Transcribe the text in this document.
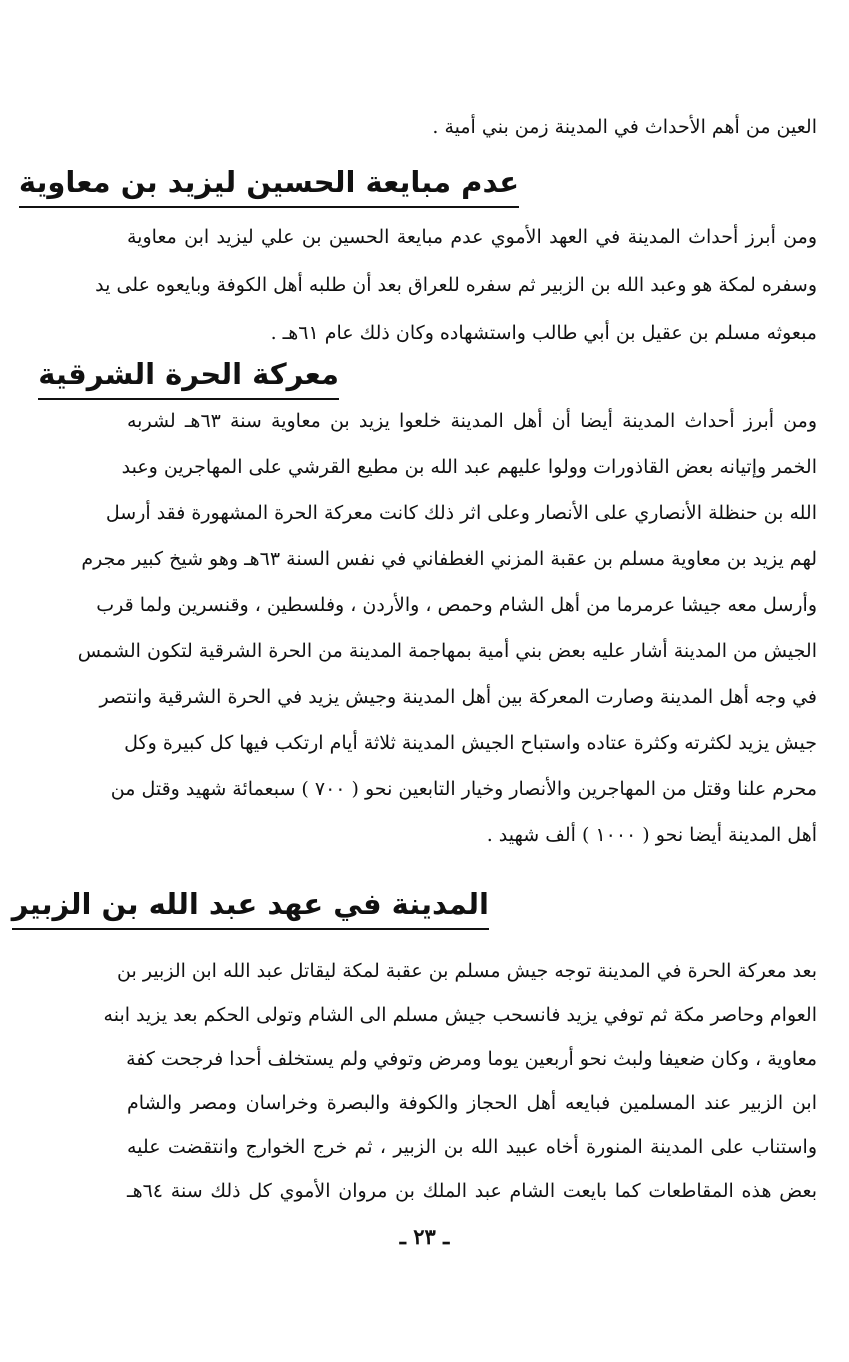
العين من أهم الأحداث في المدينة زمن بني أمية .
عدم مبايعة الحسين ليزيد بن معاوية
ومن أبرز أحداث المدينة في العهد الأموي عدم مبايعة الحسين بن علي ليزيد ابن معاوية
وسفره لمكة هو وعبد الله بن الزبير ثم سفره للعراق بعد أن طلبه أهل الكوفة وبايعوه على يد
مبعوثه مسلم بن عقيل بن أبي طالب واستشهاده وكان ذلك عام ٦١هـ .
معركة الحرة الشرقية
ومن أبرز أحداث المدينة أيضا أن أهل المدينة خلعوا يزيد بن معاوية سنة ٦٣هـ لشربه
الخمر وإتيانه بعض القاذورات وولوا عليهم عبد الله بن مطيع القرشي على المهاجرين وعبد
الله بن حنظلة الأنصاري على الأنصار وعلى اثر ذلك كانت معركة الحرة المشهورة فقد أرسل
لهم يزيد بن معاوية مسلم بن عقبة المزني الغطفاني في نفس السنة ٦٣هـ وهو شيخ كبير مجرم
وأرسل معه جيشا عرمرما من أهل الشام وحمص ، والأردن ، وفلسطين ، وقنسرين ولما قرب
الجيش من المدينة أشار عليه بعض بني أمية بمهاجمة المدينة من الحرة الشرقية لتكون الشمس
في وجه أهل المدينة وصارت المعركة بين أهل المدينة وجيش يزيد في الحرة الشرقية وانتصر
جيش يزيد لكثرته وكثرة عتاده واستباح الجيش المدينة ثلاثة أيام ارتكب فيها كل كبيرة وكل
محرم علنا وقتل من المهاجرين والأنصار وخيار التابعين نحو ( ٧٠٠ ) سبعمائة شهيد وقتل من
أهل المدينة أيضا نحو ( ١٠٠٠ ) ألف شهيد .
المدينة في عهد عبد الله بن الزبير
بعد معركة الحرة في المدينة توجه جيش مسلم بن عقبة لمكة ليقاتل عبد الله ابن الزبير بن
العوام وحاصر مكة ثم توفي يزيد فانسحب جيش مسلم الى الشام وتولى الحكم بعد يزيد ابنه
معاوية ، وكان ضعيفا ولبث نحو أربعين يوما ومرض وتوفي ولم يستخلف أحدا فرجحت كفة
ابن الزبير عند المسلمين فبايعه أهل الحجاز والكوفة والبصرة وخراسان ومصر والشام
واستناب على المدينة المنورة أخاه عبيد الله بن الزبير ، ثم خرج الخوارج وانتقضت عليه
بعض هذه المقاطعات كما بايعت الشام عبد الملك بن مروان الأموي كل ذلك سنة ٦٤هـ
ـ ٢٣ ـ
